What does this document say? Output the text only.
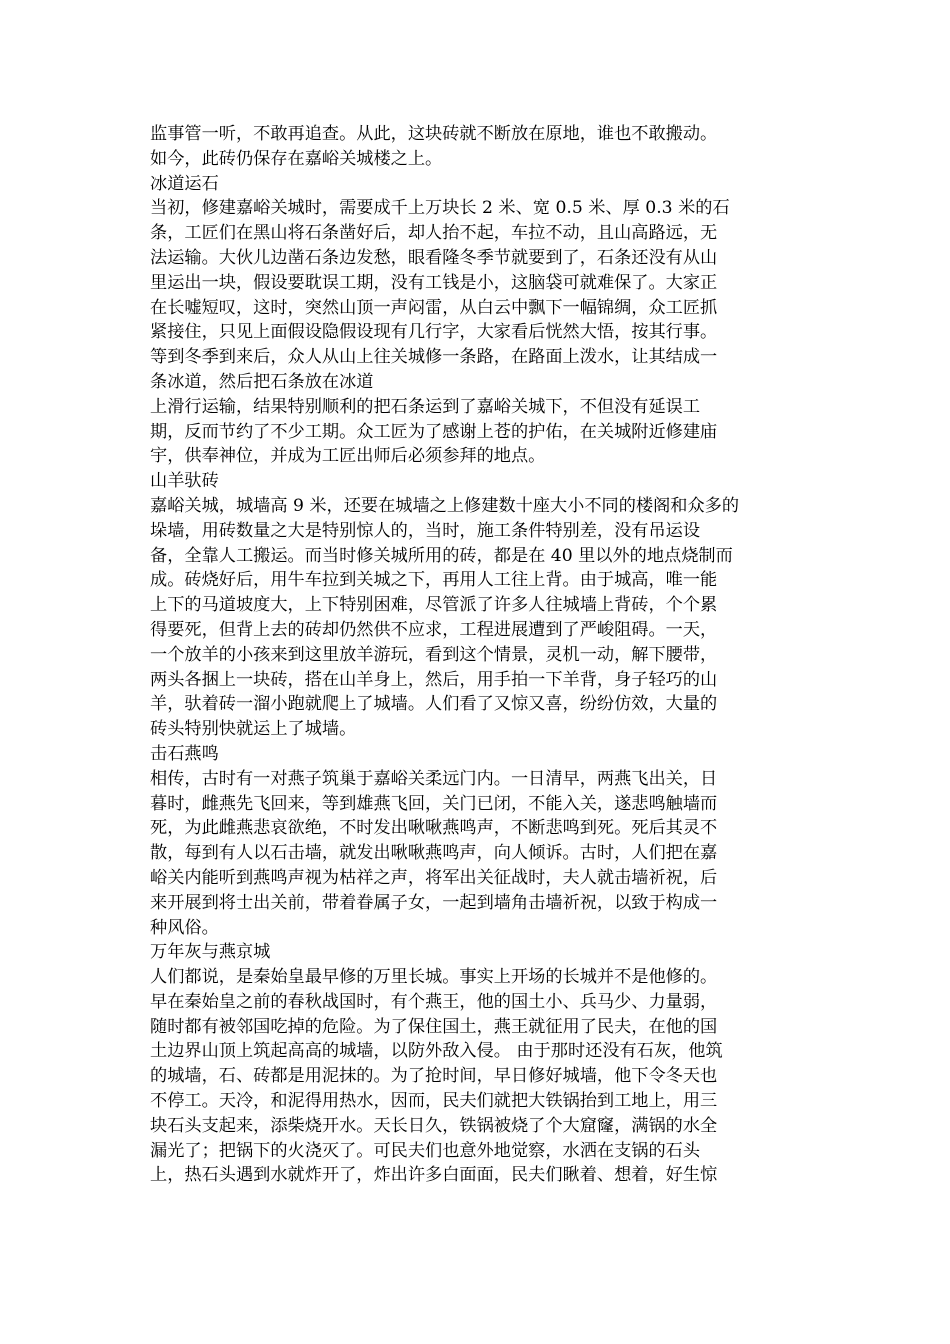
监事管一听，不敢再追查。从此，这块砖就不断放在原地，谁也不敢搬动。
如今，此砖仍保存在嘉峪关城楼之上。
冰道运石
当初，修建嘉峪关城时，需要成千上万块长 2 米、宽 0.5 米、厚 0.3 米的石
条，工匠们在黑山将石条凿好后，却人抬不起，车拉不动，且山高路远，无
法运输。大伙儿边凿石条边发愁，眼看隆冬季节就要到了，石条还没有从山
里运出一块，假设要耽误工期，没有工钱是小，这脑袋可就难保了。大家正
在长嘘短叹，这时，突然山顶一声闷雷，从白云中飘下一幅锦绸，众工匠抓
紧接住，只见上面假设隐假设现有几行字，大家看后恍然大悟，按其行事。
等到冬季到来后，众人从山上往关城修一条路，在路面上泼水，让其结成一
条冰道，然后把石条放在冰道
上滑行运输，结果特别顺利的把石条运到了嘉峪关城下，不但没有延误工
期，反而节约了不少工期。众工匠为了感谢上苍的护佑，在关城附近修建庙
宇，供奉神位，并成为工匠出师后必须参拜的地点。
山羊驮砖
嘉峪关城，城墙高 9 米，还要在城墙之上修建数十座大小不同的楼阁和众多的
垛墙，用砖数量之大是特别惊人的，当时，施工条件特别差，没有吊运设
备，全靠人工搬运。而当时修关城所用的砖，都是在 40 里以外的地点烧制而
成。砖烧好后，用牛车拉到关城之下，再用人工往上背。由于城高，唯一能
上下的马道坡度大，上下特别困难，尽管派了许多人往城墙上背砖，个个累
得要死，但背上去的砖却仍然供不应求，工程进展遭到了严峻阻碍。一天，
一个放羊的小孩来到这里放羊游玩，看到这个情景，灵机一动，解下腰带，
两头各捆上一块砖，搭在山羊身上，然后，用手拍一下羊背，身子轻巧的山
羊，驮着砖一溜小跑就爬上了城墙。人们看了又惊又喜，纷纷仿效，大量的
砖头特别快就运上了城墙。
击石燕鸣
相传，古时有一对燕子筑巢于嘉峪关柔远门内。一日清早，两燕飞出关，日
暮时，雌燕先飞回来，等到雄燕飞回，关门已闭，不能入关，遂悲鸣触墙而
死，为此雌燕悲哀欲绝，不时发出啾啾燕鸣声，不断悲鸣到死。死后其灵不
散，每到有人以石击墙，就发出啾啾燕鸣声，向人倾诉。古时，人们把在嘉
峪关内能听到燕鸣声视为枯祥之声，将军出关征战时，夫人就击墙祈祝，后
来开展到将士出关前，带着眷属子女，一起到墙角击墙祈祝，以致于构成一
种风俗。
万年灰与燕京城
人们都说，是秦始皇最早修的万里长城。事实上开场的长城并不是他修的。
早在秦始皇之前的春秋战国时，有个燕王，他的国土小、兵马少、力量弱，
随时都有被邻国吃掉的危险。为了保住国土，燕王就征用了民夫，在他的国
土边界山顶上筑起高高的城墙，以防外敌入侵。 由于那时还没有石灰，他筑
的城墙，石、砖都是用泥抹的。为了抢时间，早日修好城墙，他下令冬天也
不停工。天冷，和泥得用热水，因而，民夫们就把大铁锅抬到工地上，用三
块石头支起来，添柴烧开水。天长日久，铁锅被烧了个大窟窿，满锅的水全
漏光了；把锅下的火浇灭了。可民夫们也意外地觉察，水洒在支锅的石头
上，热石头遇到水就炸开了，炸出许多白面面，民夫们瞅着、想着，好生惊
